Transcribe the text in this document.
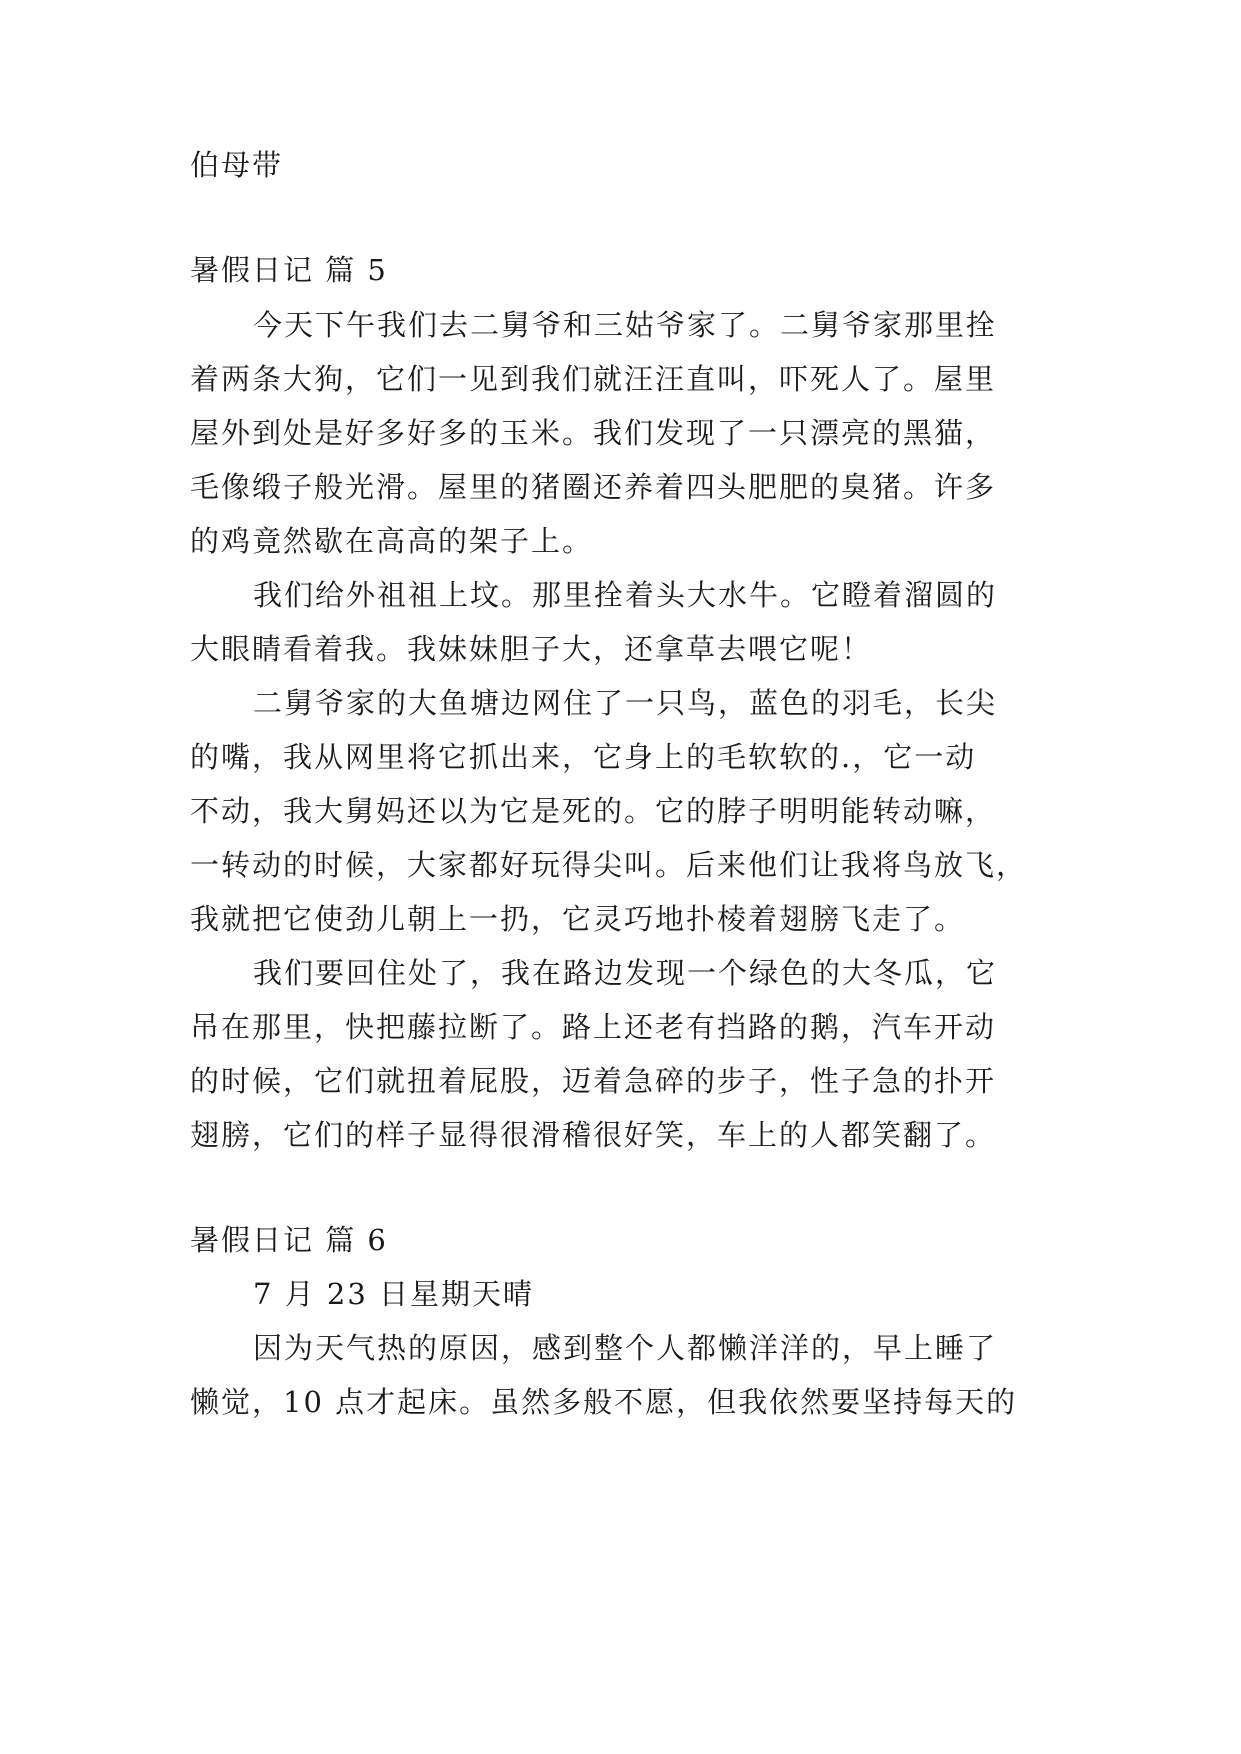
伯母带
暑假日记 篇 5
今天下午我们去二舅爷和三姑爷家了。二舅爷家那里拴
着两条大狗，它们一见到我们就汪汪直叫，吓死人了。屋里
屋外到处是好多好多的玉米。我们发现了一只漂亮的黑猫，
毛像缎子般光滑。屋里的猪圈还养着四头肥肥的臭猪。许多
的鸡竟然歇在高高的架子上。
我们给外祖祖上坟。那里拴着头大水牛。它瞪着溜圆的
大眼睛看着我。我妹妹胆子大，还拿草去喂它呢！
二舅爷家的大鱼塘边网住了一只鸟，蓝色的羽毛，长尖
的嘴，我从网里将它抓出来，它身上的毛软软的.，它一动
不动，我大舅妈还以为它是死的。它的脖子明明能转动嘛，
一转动的时候，大家都好玩得尖叫。后来他们让我将鸟放飞，
我就把它使劲儿朝上一扔，它灵巧地扑棱着翅膀飞走了。
我们要回住处了，我在路边发现一个绿色的大冬瓜，它
吊在那里，快把藤拉断了。路上还老有挡路的鹅，汽车开动
的时候，它们就扭着屁股，迈着急碎的步子，性子急的扑开
翅膀，它们的样子显得很滑稽很好笑，车上的人都笑翻了。
暑假日记 篇 6
7 月 23 日星期天晴
因为天气热的原因，感到整个人都懒洋洋的，早上睡了
懒觉，10 点才起床。虽然多般不愿，但我依然要坚持每天的
